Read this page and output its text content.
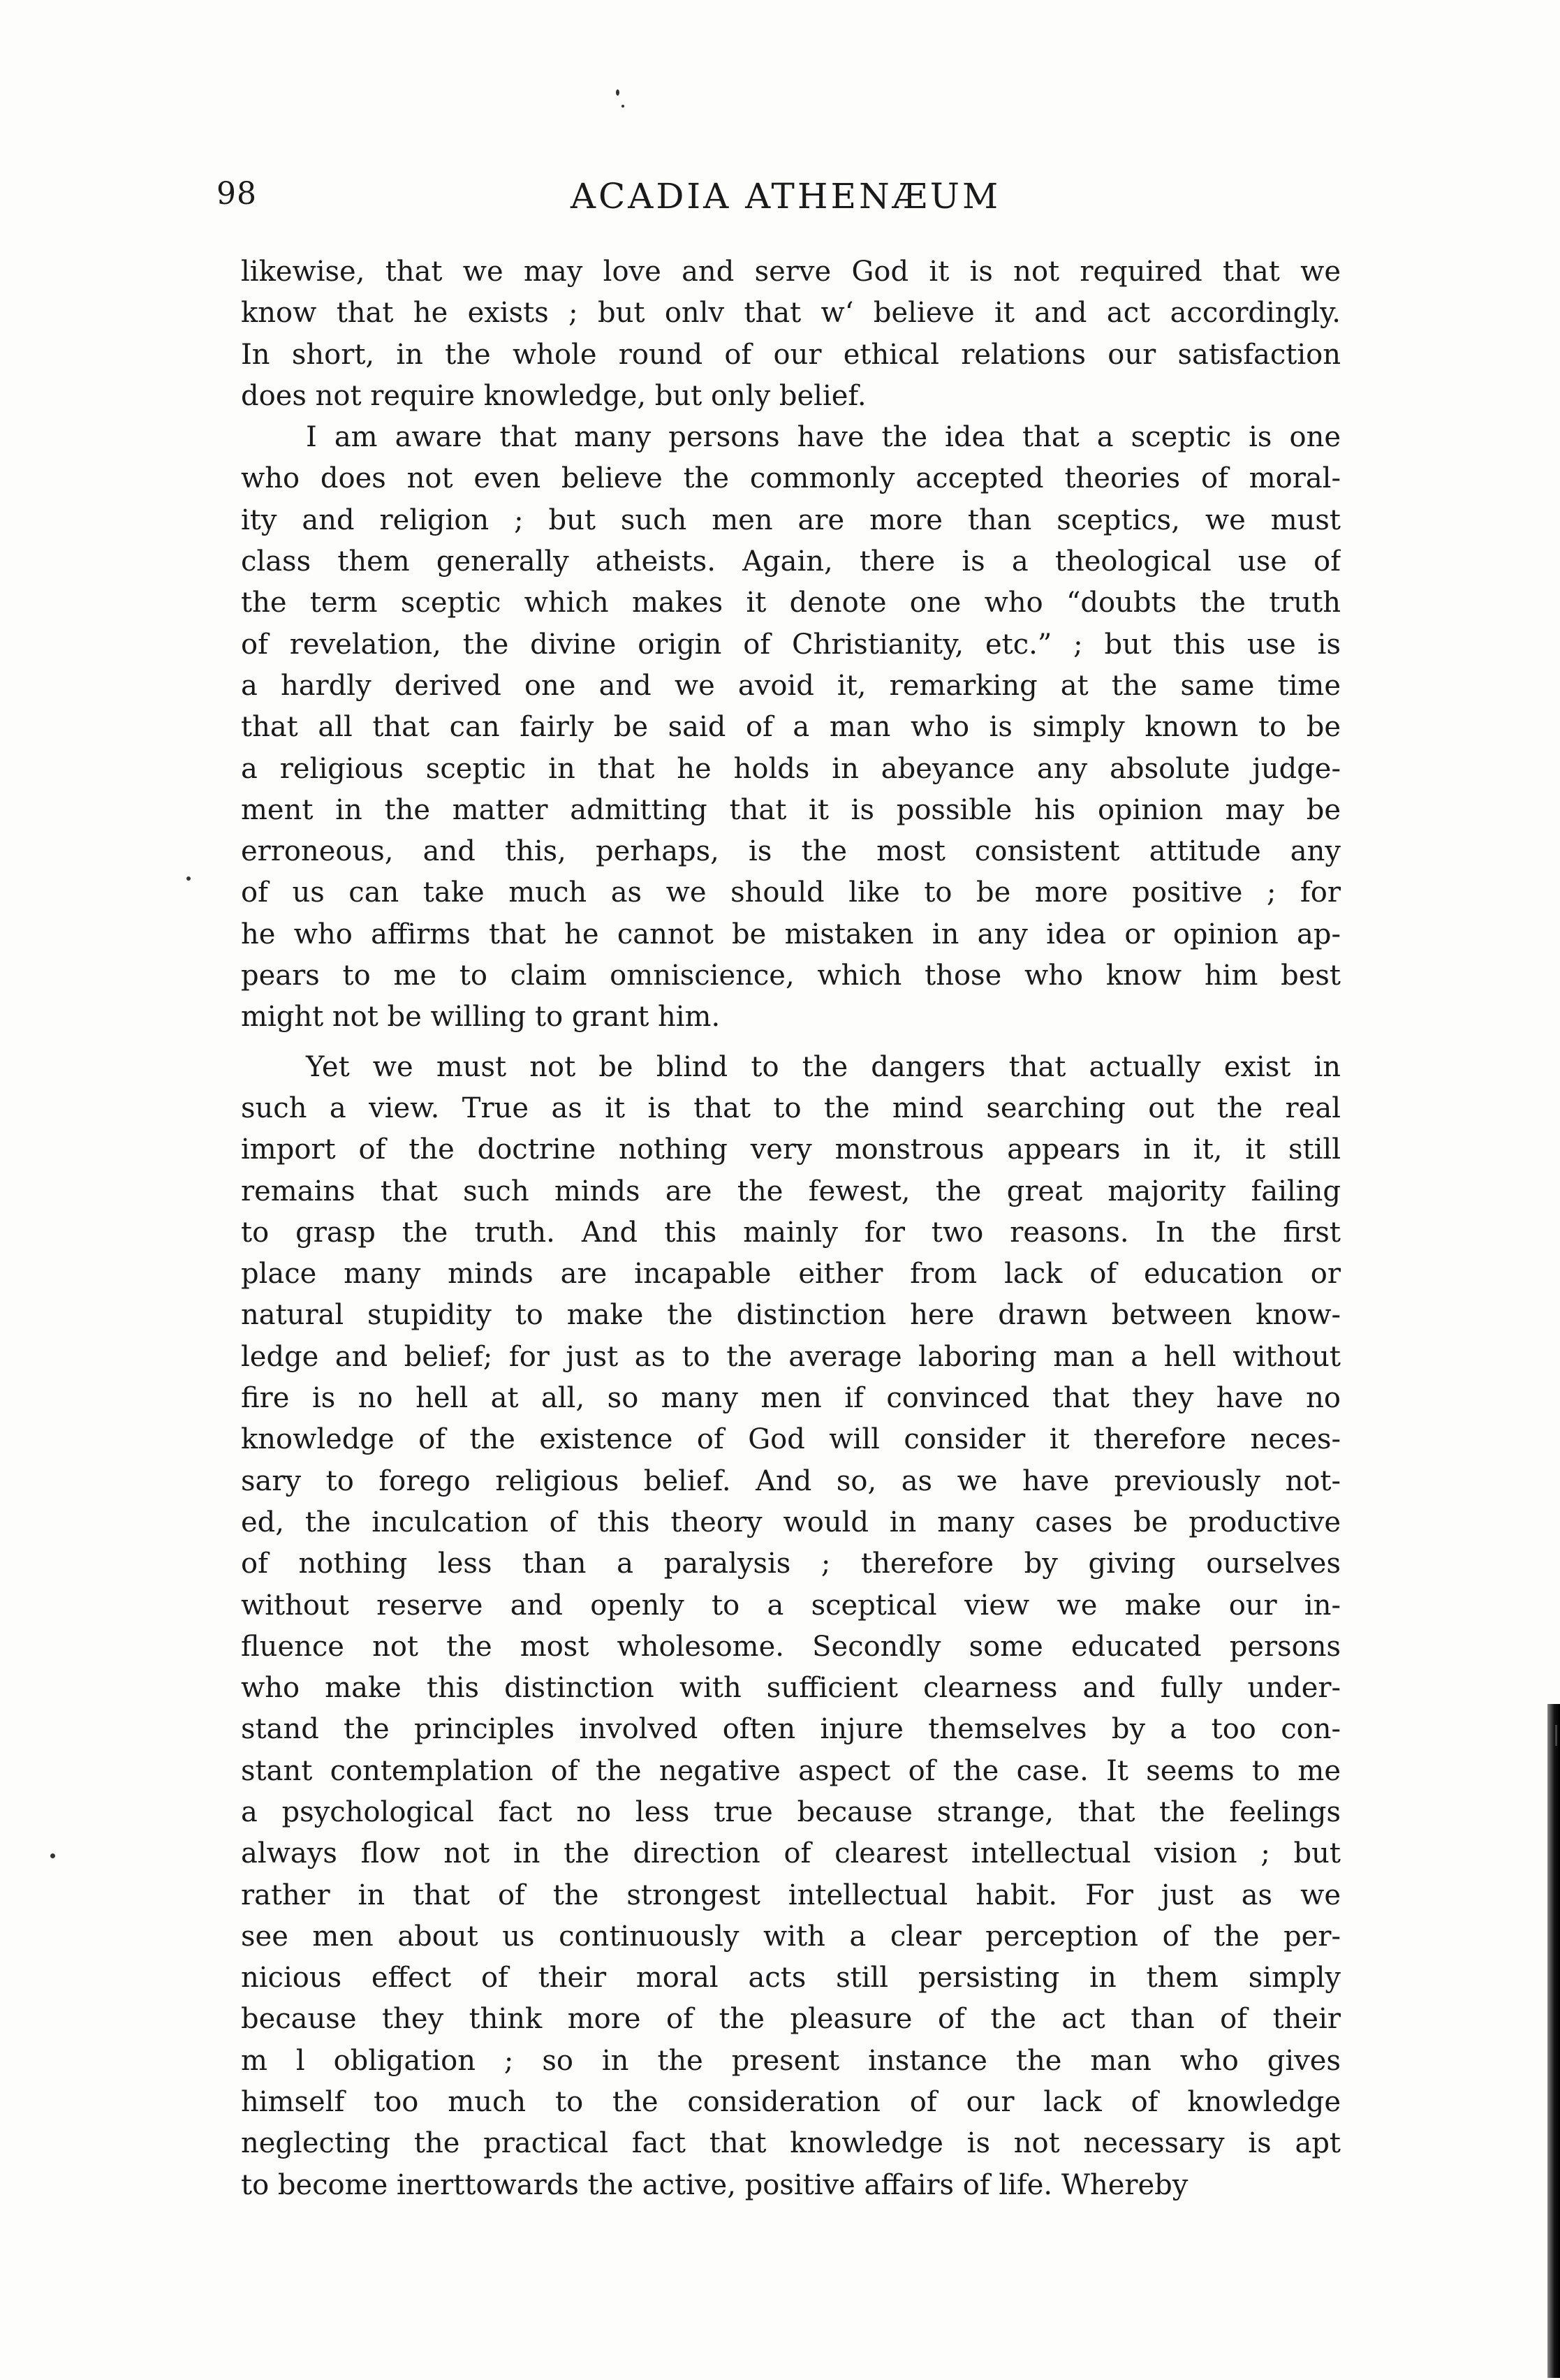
98	ACADIA ATHENÆUM
likewise, that we may love and serve God it is not required that we
know that he exists ; but onlv that w‘ believe it and act accordingly.
In short, in the whole round of our ethical relations our satisfaction
does not require knowledge, but only belief.
I am aware that many persons have the idea that a sceptic is one
who does not even believe the commonly accepted theories of moral-
ity and religion ; but such men are more than sceptics, we must
class them generally atheists. Again, there is a theological use of
the term sceptic which makes it denote one who “doubts the truth
of revelation, the divine origin of Christianity, etc.” ; but this use is
a hardly derived one and we avoid it, remarking at the same time
that all that can fairly be said of a man who is simply known to be
a religious sceptic in that he holds in abeyance any absolute judge-
ment in the matter admitting that it is possible his opinion may be
erroneous, and this, perhaps, is the most consistent attitude any
of us can take much as we should like to be more positive ; for
he who affirms that he cannot be mistaken in any idea or opinion ap-
pears to me to claim omniscience, which those who know him best
might not be willing to grant him.
Yet we must not be blind to the dangers that actually exist in
such a view. True as it is that to the mind searching out the real
import of the doctrine nothing very monstrous appears in it, it still
remains that such minds are the fewest, the great majority failing
to grasp the truth. And this mainly for two reasons. In the first
place many minds are incapable either from lack of education or
natural stupidity to make the distinction here drawn between know-
ledge and belief; for just as to the average laboring man a hell without
fire is no hell at all, so many men if convinced that they have no
knowledge of the existence of God will consider it therefore neces-
sary to forego religious belief. And so, as we have previously not-
ed, the inculcation of this theory would in many cases be productive
of nothing less than a paralysis ; therefore by giving ourselves
without reserve and openly to a sceptical view we make our in-
fluence not the most wholesome. Secondly some educated persons
who make this distinction with sufficient clearness and fully under-
stand the principles involved often injure themselves by a too con-
stant contemplation of the negative aspect of the case. It seems to me
a psychological fact no less true because strange, that the feelings
always flow not in the direction of clearest intellectual vision ; but
rather in that of the strongest intellectual habit. For just as we
see men about us continuously with a clear perception of the per-
nicious effect of their moral acts still persisting in them simply
because they think more of the pleasure of the act than of their
m l obligation ; so in the present instance the man who gives
himself too much to the consideration of our lack of knowledge
neglecting the practical fact that knowledge is not necessary is apt
to become inerttowards the active, positive affairs of life. Whereby
